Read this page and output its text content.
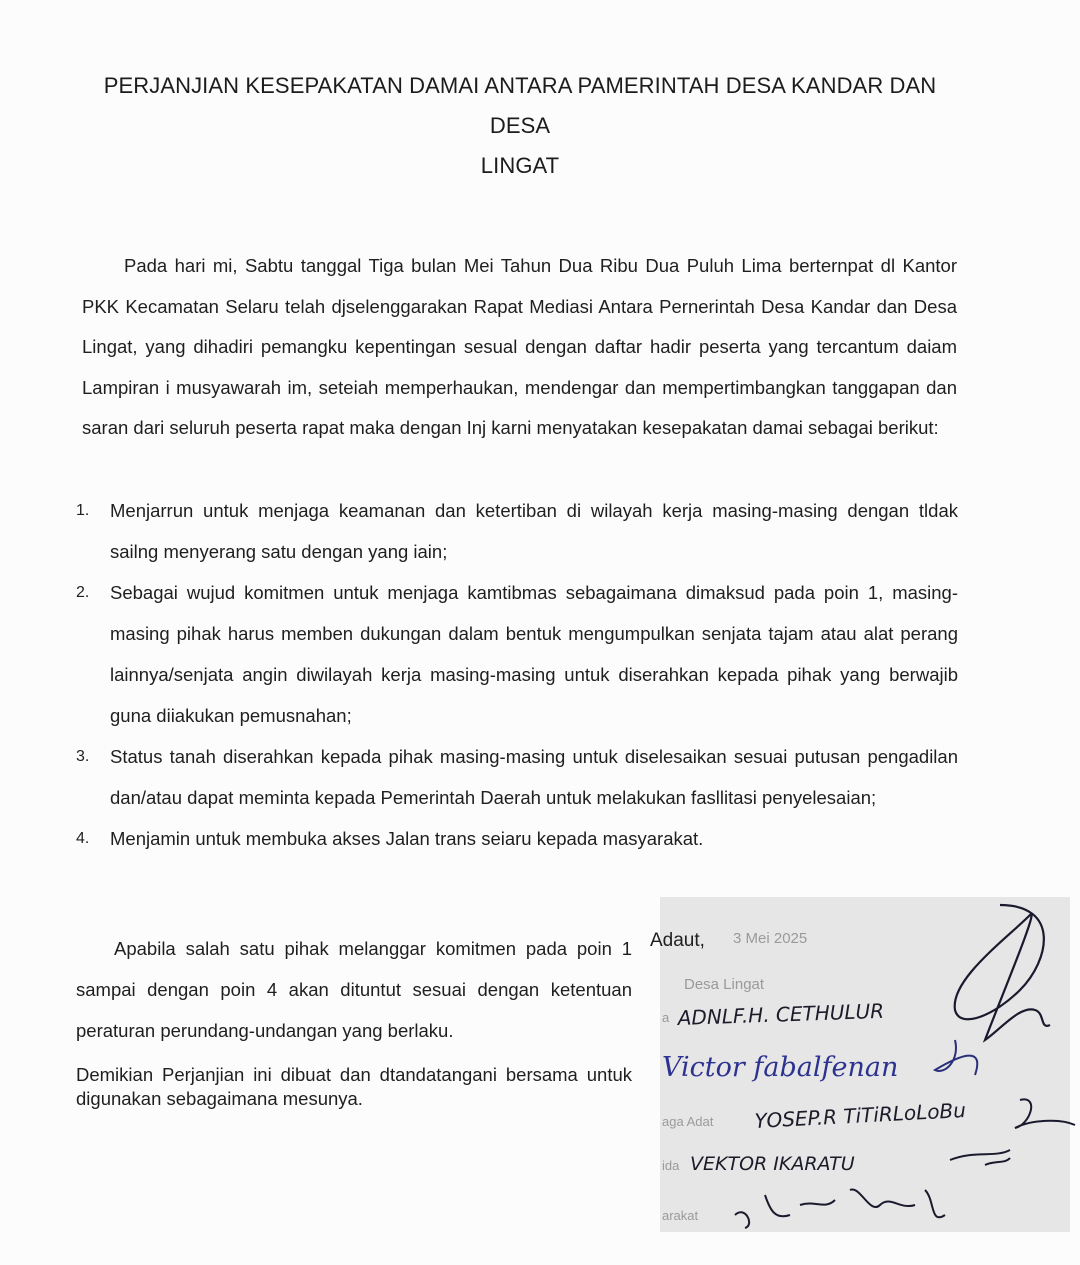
PERJANJIAN KESEPAKATAN DAMAI ANTARA PAMERINTAH DESA KANDAR DAN
DESA
LINGAT

Pada hari mi, Sabtu tanggal Tiga bulan Mei Tahun Dua Ribu Dua Puluh Lima berternpat dl Kantor PKK Kecamatan Selaru telah djselenggarakan Rapat Mediasi Antara Pernerintah Desa Kandar dan Desa Lingat, yang dihadiri pemangku kepentingan sesual dengan daftar hadir peserta yang tercantum daiam Lampiran i musyawarah im, seteiah memperhaukan, mendengar dan mempertimbangkan tanggapan dan saran dari seluruh peserta rapat maka dengan Inj karni menyatakan kesepakatan damai sebagai berikut:

1. Menjarrun untuk menjaga keamanan dan ketertiban di wilayah kerja masing-masing dengan tldak sailng menyerang satu dengan yang iain;
2. Sebagai wujud komitmen untuk menjaga kamtibmas sebagaimana dimaksud pada poin 1, masing-masing pihak harus memben dukungan dalam bentuk mengumpulkan senjata tajam atau alat perang lainnya/senjata angin diwilayah kerja masing-masing untuk diserahkan kepada pihak yang berwajib guna diiakukan pemusnahan;
3. Status tanah diserahkan kepada pihak masing-masing untuk diselesaikan sesuai putusan pengadilan dan/atau dapat meminta kepada Pemerintah Daerah untuk melakukan fasllitasi penyelesaian;
4. Menjamin untuk membuka akses Jalan trans seiaru kepada masyarakat.

Apabila salah satu pihak melanggar komitmen pada poin 1 sampai dengan poin 4 akan dituntut sesuai dengan ketentuan peraturan perundang-undangan yang berlaku.

Demikian Perjanjian ini dibuat dan dtandatangani bersama untuk digunakan sebagaimana mesunya.

3 Mei 2025
Desa Lingat
a
aga Adat
ida
arakat
Adaut,
ADNLF.H. CETHULUR
Victor fabalfenan
YOSEP.R TiTiRLoLoBu
VEKTOR IKARATU
